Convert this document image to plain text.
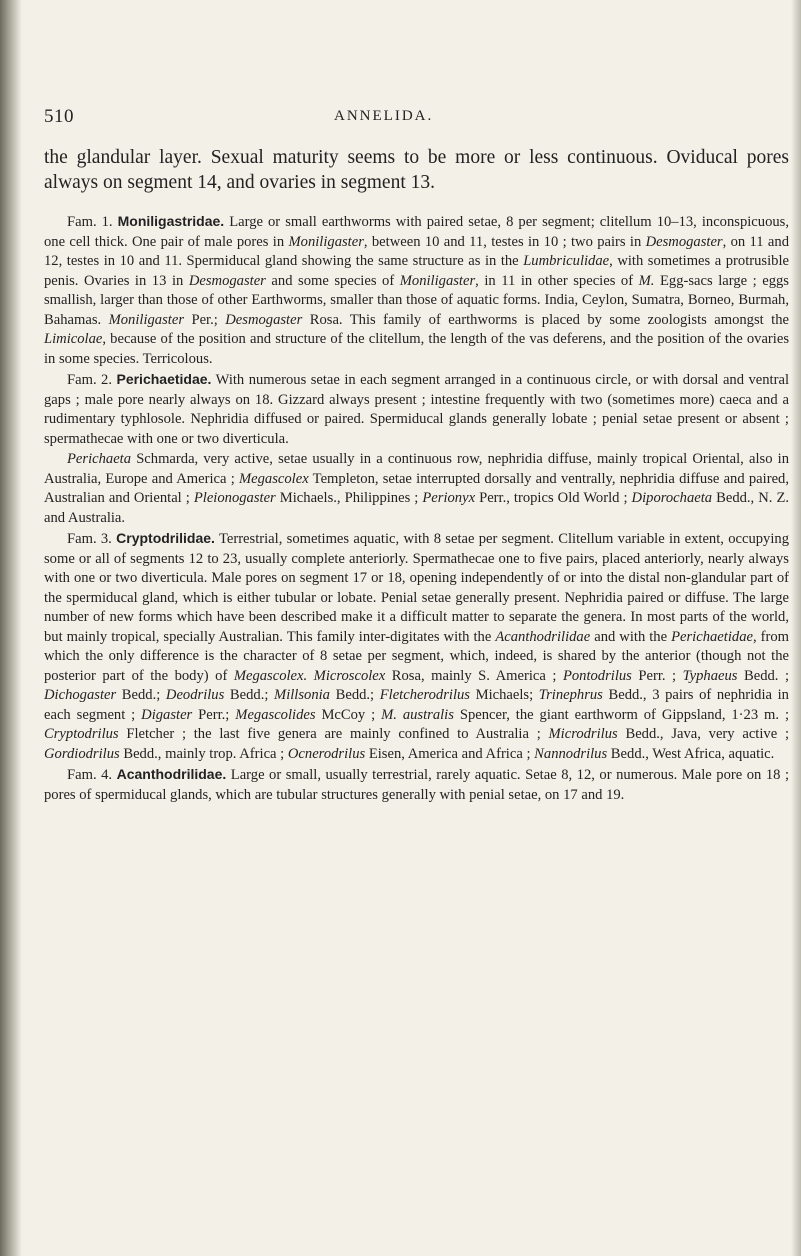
510	ANNELIDA.

the glandular layer. Sexual maturity seems to be more or less continuous. Oviducal pores always on segment 14, and ovaries in segment 13.

Fam. 1. Moniligastridae. Large or small earthworms with paired setae, 8 per segment; clitellum 10–13, inconspicuous, one cell thick. One pair of male pores in Moniligaster, between 10 and 11, testes in 10 ; two pairs in Desmogaster, on 11 and 12, testes in 10 and 11. Spermiducal gland showing the same structure as in the Lumbriculidae, with sometimes a protrusible penis. Ovaries in 13 in Desmogaster and some species of Moniligaster, in 11 in other species of M. Egg-sacs large ; eggs smallish, larger than those of other Earthworms, smaller than those of aquatic forms. India, Ceylon, Sumatra, Borneo, Burmah, Bahamas. Moniligaster Per.; Desmogaster Rosa. This family of earthworms is placed by some zoologists amongst the Limicolae, because of the position and structure of the clitellum, the length of the vas deferens, and the position of the ovaries in some species. Terricolous.

Fam. 2. Perichaetidae. With numerous setae in each segment arranged in a continuous circle, or with dorsal and ventral gaps ; male pore nearly always on 18. Gizzard always present ; intestine frequently with two (sometimes more) caeca and a rudimentary typhlosole. Nephridia diffused or paired. Spermiducal glands generally lobate ; penial setae present or absent ; spermathecae with one or two diverticula.

Perichaeta Schmarda, very active, setae usually in a continuous row, nephridia diffuse, mainly tropical Oriental, also in Australia, Europe and America ; Megascolex Templeton, setae interrupted dorsally and ventrally, nephridia diffuse and paired, Australian and Oriental ; Pleionogaster Michaels., Philippines ; Perionyx Perr., tropics Old World ; Diporochaeta Bedd., N. Z. and Australia.

Fam. 3. Cryptodrilidae. Terrestrial, sometimes aquatic, with 8 setae per segment. Clitellum variable in extent, occupying some or all of segments 12 to 23, usually complete anteriorly. Spermathecae one to five pairs, placed anteriorly, nearly always with one or two diverticula. Male pores on segment 17 or 18, opening independently of or into the distal non-glandular part of the spermiducal gland, which is either tubular or lobate. Penial setae generally present. Nephridia paired or diffuse. The large number of new forms which have been described make it a difficult matter to separate the genera. In most parts of the world, but mainly tropical, specially Australian. This family inter-digitates with the Acanthodrilidae and with the Perichaetidae, from which the only difference is the character of 8 setae per segment, which, indeed, is shared by the anterior (though not the posterior part of the body) of Megascolex. Microscolex Rosa, mainly S. America ; Pontodrilus Perr. ; Typhaeus Bedd. ; Dichogaster Bedd.; Deodrilus Bedd.; Millsonia Bedd.; Fletcherodrilus Michaels; Trinephrus Bedd., 3 pairs of nephridia in each segment ; Digaster Perr.; Megascolides McCoy ; M. australis Spencer, the giant earthworm of Gippsland, 1·23 m. ; Cryptodrilus Fletcher ; the last five genera are mainly confined to Australia ; Microdrilus Bedd., Java, very active ; Gordiodrilus Bedd., mainly trop. Africa ; Ocnerodrilus Eisen, America and Africa ; Nannodrilus Bedd., West Africa, aquatic.

Fam. 4. Acanthodrilidae. Large or small, usually terrestrial, rarely aquatic. Setae 8, 12, or numerous. Male pore on 18 ; pores of spermiducal glands, which are tubular structures generally with penial setae, on 17 and 19.
